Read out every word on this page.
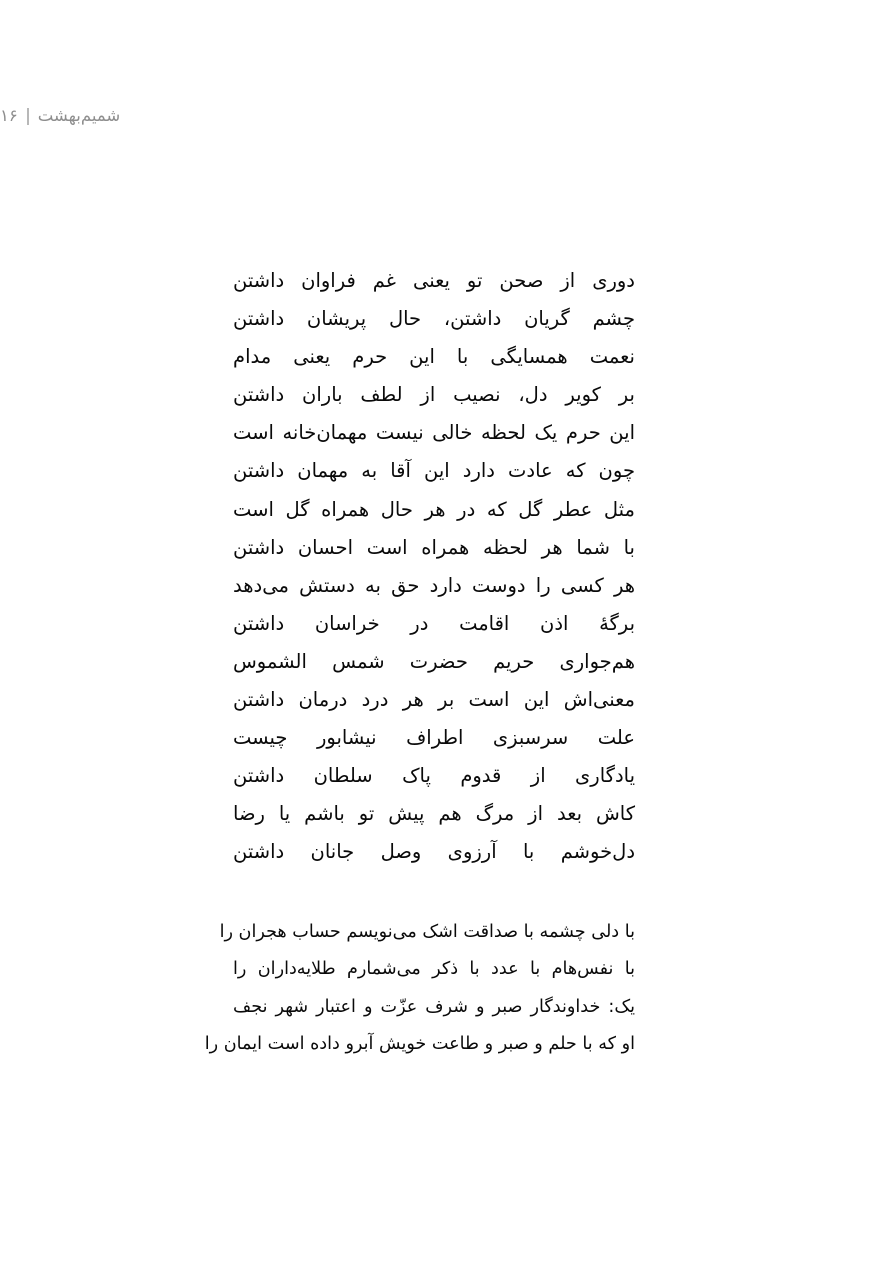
شمیم‌بهشت
۱۶
دوری از صحن تو یعنی غم فراوان داشتن
چشم گریان داشتن، حال پریشان داشتن
نعمت همسایگی با این حرم یعنی مدام
بر کویر دل، نصیب از لطف باران داشتن
این حرم یک لحظه خالی نیست مهمان‌خانه است
چون که عادت دارد این آقا به مهمان داشتن
مثل عطر گل که در هر حال همراه گل است
با شما هر لحظه همراه است احسان داشتن
هر کسی را دوست دارد حق به دستش می‌دهد
برگهٔ اذن اقامت در خراسان داشتن
هم‌جواری حریم حضرت شمس الشموس
معنی‌اش این است بر هر درد درمان داشتن
علت سرسبزی اطراف نیشابور چیست
یادگاری از قدوم پاک سلطان داشتن
کاش بعد از مرگ هم پیش تو باشم یا رضا
دل‌خوشم با آرزوی وصل جانان داشتن
با دلی چشمه با صداقت اشک می‌نویسم حساب هجران را
با نفس‌هام با عدد با ذکر می‌شمارم طلایه‌داران را
یک: خداوندگار صبر و شرف عزّت و اعتبار شهر نجف
او که با حلم و صبر و طاعت خویش آبرو داده است ایمان را
